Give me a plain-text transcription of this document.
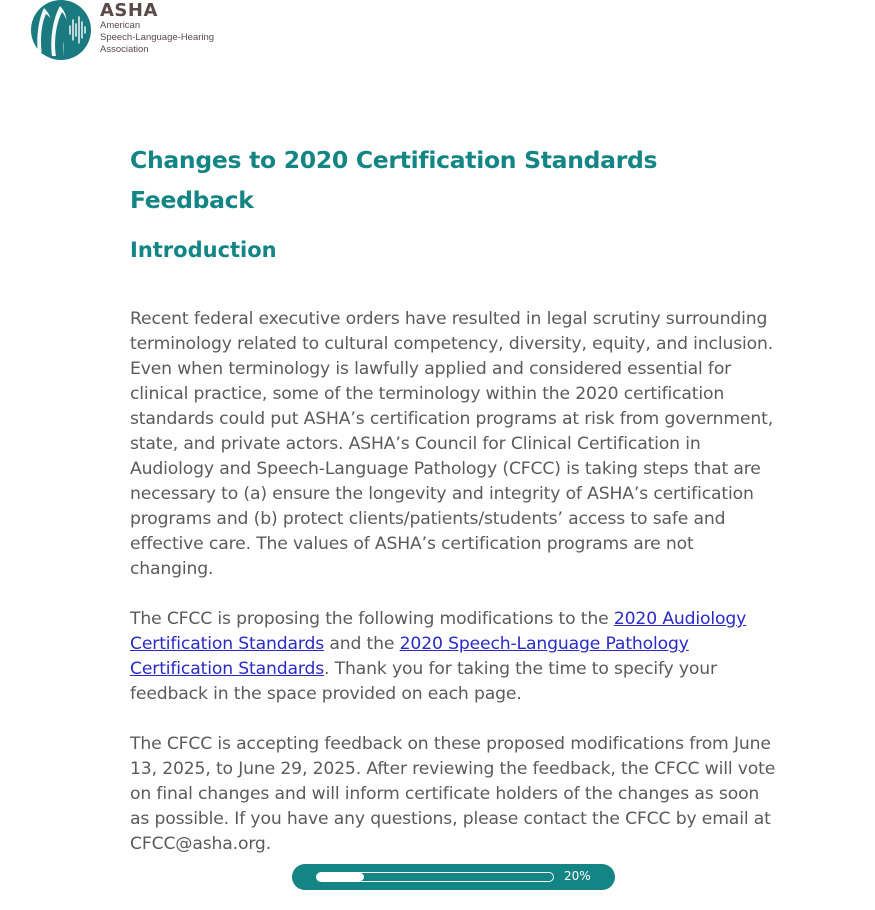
ASHA
American
Speech-Language-Hearing
Association
Changes to 2020 Certification Standards Feedback
Introduction

Recent federal executive orders have resulted in legal scrutiny surrounding terminology related to cultural competency, diversity, equity, and inclusion. Even when terminology is lawfully applied and considered essential for clinical practice, some of the terminology within the 2020 certification standards could put ASHA’s certification programs at risk from government, state, and private actors. ASHA’s Council for Clinical Certification in Audiology and Speech-Language Pathology (CFCC) is taking steps that are necessary to (a) ensure the longevity and integrity of ASHA’s certification programs and (b) protect clients/patients/students’ access to safe and effective care. The values of ASHA’s certification programs are not changing.

The CFCC is proposing the following modifications to the 2020 Audiology Certification Standards and the 2020 Speech-Language Pathology Certification Standards. Thank you for taking the time to specify your feedback in the space provided on each page.

The CFCC is accepting feedback on these proposed modifications from June 13, 2025, to June 29, 2025. After reviewing the feedback, the CFCC will vote on final changes and will inform certificate holders of the changes as soon as possible. If you have any questions, please contact the CFCC by email at CFCC@asha.org.

20%
